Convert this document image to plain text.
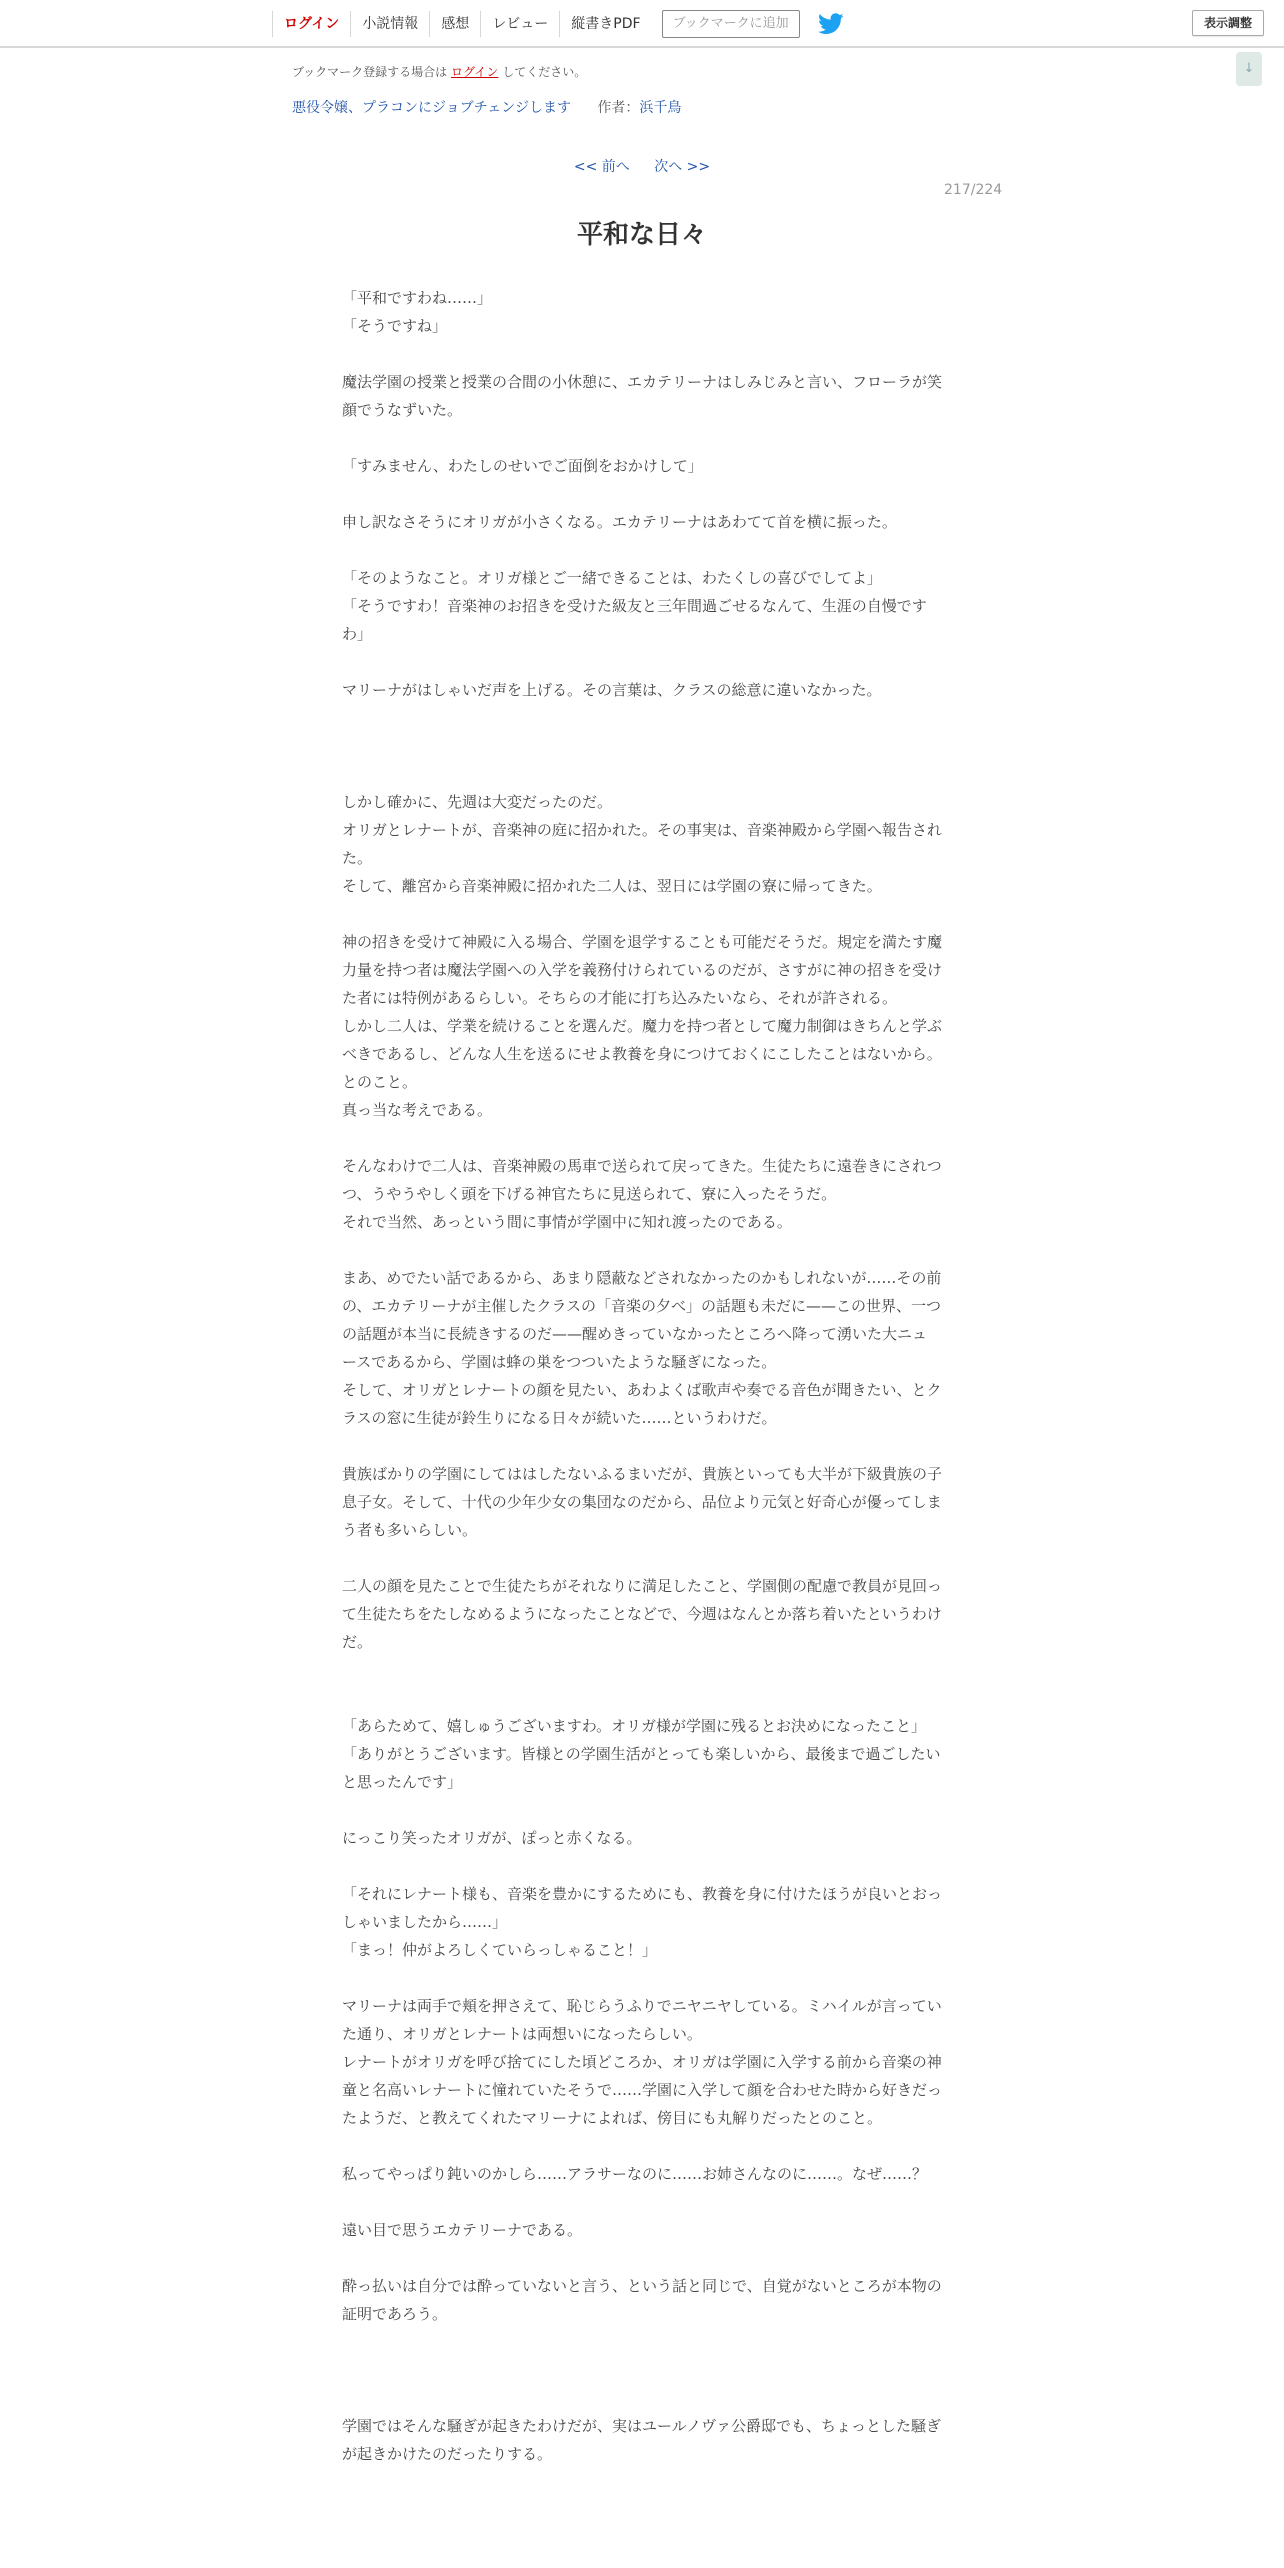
ログイン	小説情報	感想	レビュー	縦書きPDF	ブックマークに追加	表示調整
↓
ブックマーク登録する場合は ログイン してください。
悪役令嬢、プラコンにジョブチェンジします 作者：浜千鳥
<< 前へ 次へ >>
217/224
平和な日々

「平和ですわね……」

「そうですね」

魔法学園の授業と授業の合間の小休憩に、エカテリーナはしみじみと言い、フローラが笑顔でうなずいた。

「すみません、わたしのせいでご面倒をおかけして」

申し訳なさそうにオリガが小さくなる。エカテリーナはあわてて首を横に振った。

「そのようなこと。オリガ様とご一緒できることは、わたくしの喜びでしてよ」

「そうですわ！音楽神のお招きを受けた級友と三年間過ごせるなんて、生涯の自慢ですわ」

マリーナがはしゃいだ声を上げる。その言葉は、クラスの総意に違いなかった。

しかし確かに、先週は大変だったのだ。

オリガとレナートが、音楽神の庭に招かれた。その事実は、音楽神殿から学園へ報告された。

そして、離宮から音楽神殿に招かれた二人は、翌日には学園の寮に帰ってきた。

神の招きを受けて神殿に入る場合、学園を退学することも可能だそうだ。規定を満たす魔力量を持つ者は魔法学園への入学を義務付けられているのだが、さすがに神の招きを受けた者には特例があるらしい。そちらの才能に打ち込みたいなら、それが許される。

しかし二人は、学業を続けることを選んだ。魔力を持つ者として魔力制御はきちんと学ぶべきであるし、どんな人生を送るにせよ教養を身につけておくにこしたことはないから。とのこと。

真っ当な考えである。

そんなわけで二人は、音楽神殿の馬車で送られて戻ってきた。生徒たちに遠巻きにされつつ、うやうやしく頭を下げる神官たちに見送られて、寮に入ったそうだ。

それで当然、あっという間に事情が学園中に知れ渡ったのである。

まあ、めでたい話であるから、あまり隠蔽などされなかったのかもしれないが……その前の、エカテリーナが主催したクラスの「音楽の夕べ」の話題も未だに——この世界、一つの話題が本当に長続きするのだ——醒めきっていなかったところへ降って湧いた大ニュースであるから、学園は蜂の巣をつついたような騒ぎになった。

そして、オリガとレナートの顔を見たい、あわよくば歌声や奏でる音色が聞きたい、とクラスの窓に生徒が鈴生りになる日々が続いた……というわけだ。

貴族ばかりの学園にしてははしたないふるまいだが、貴族といっても大半が下級貴族の子息子女。そして、十代の少年少女の集団なのだから、品位より元気と好奇心が優ってしまう者も多いらしい。

二人の顔を見たことで生徒たちがそれなりに満足したこと、学園側の配慮で教員が見回って生徒たちをたしなめるようになったことなどで、今週はなんとか落ち着いたというわけだ。

「あらためて、嬉しゅうございますわ。オリガ様が学園に残るとお決めになったこと」

「ありがとうございます。皆様との学園生活がとっても楽しいから、最後まで過ごしたいと思ったんです」

にっこり笑ったオリガが、ぽっと赤くなる。

「それにレナート様も、音楽を豊かにするためにも、教養を身に付けたほうが良いとおっしゃいましたから……」

「まっ！仲がよろしくていらっしゃること！」

マリーナは両手で頬を押さえて、恥じらうふりでニヤニヤしている。ミハイルが言っていた通り、オリガとレナートは両想いになったらしい。

レナートがオリガを呼び捨てにした頃どころか、オリガは学園に入学する前から音楽の神童と名高いレナートに憧れていたそうで……学園に入学して顔を合わせた時から好きだったようだ、と教えてくれたマリーナによれば、傍目にも丸解りだったとのこと。

私ってやっぱり鈍いのかしら……アラサーなのに……お姉さんなのに……。なぜ……？

遠い目で思うエカテリーナである。

酔っ払いは自分では酔っていないと言う、という話と同じで、自覚がないところが本物の証明であろう。

学園ではそんな騒ぎが起きたわけだが、実はユールノヴァ公爵邸でも、ちょっとした騒ぎが起きかけたのだったりする。
